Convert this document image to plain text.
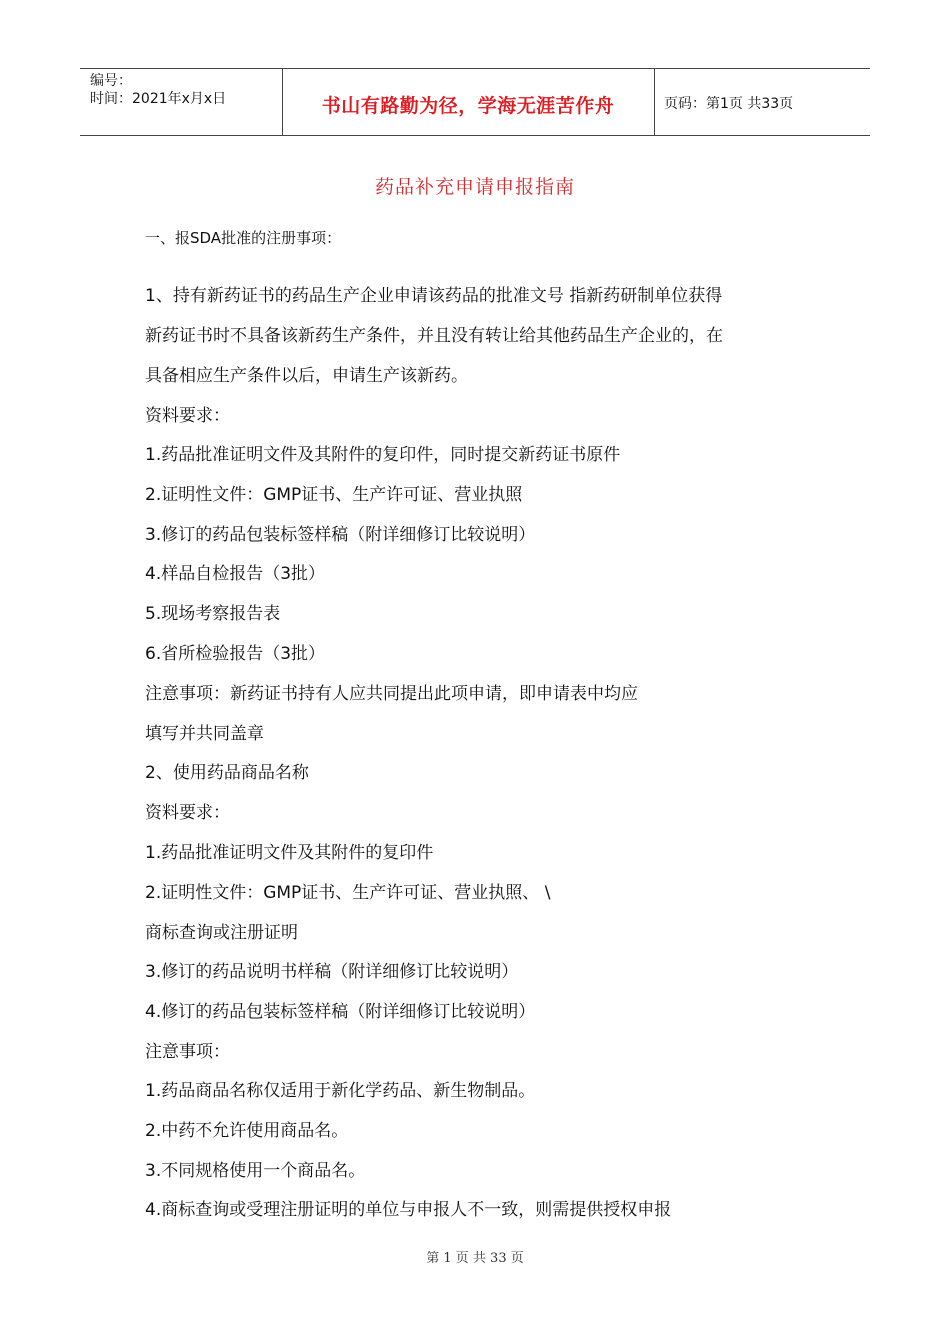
编号：
时间：2021年x月x日	书山有路勤为径，学海无涯苦作舟	页码：第1页 共33页
药品补充申请申报指南
一、报SDA批准的注册事项：
1、持有新药证书的药品生产企业申请该药品的批准文号 指新药研制单位获得
新药证书时不具备该新药生产条件，并且没有转让给其他药品生产企业的，在
具备相应生产条件以后，申请生产该新药。
资料要求：
1.药品批准证明文件及其附件的复印件，同时提交新药证书原件
2.证明性文件：GMP证书、生产许可证、营业执照
3.修订的药品包装标签样稿（附详细修订比较说明）
4.样品自检报告（3批）
5.现场考察报告表
6.省所检验报告（3批）
注意事项：新药证书持有人应共同提出此项申请，即申请表中均应
填写并共同盖章
2、使用药品商品名称
资料要求：
1.药品批准证明文件及其附件的复印件
2.证明性文件：GMP证书、生产许可证、营业执照、 \
商标查询或注册证明
3.修订的药品说明书样稿（附详细修订比较说明）
4.修订的药品包装标签样稿（附详细修订比较说明）
注意事项：
1.药品商品名称仅适用于新化学药品、新生物制品。
2.中药不允许使用商品名。
3.不同规格使用一个商品名。
4.商标查询或受理注册证明的单位与申报人不一致，则需提供授权申报
第 1 页 共 33 页
